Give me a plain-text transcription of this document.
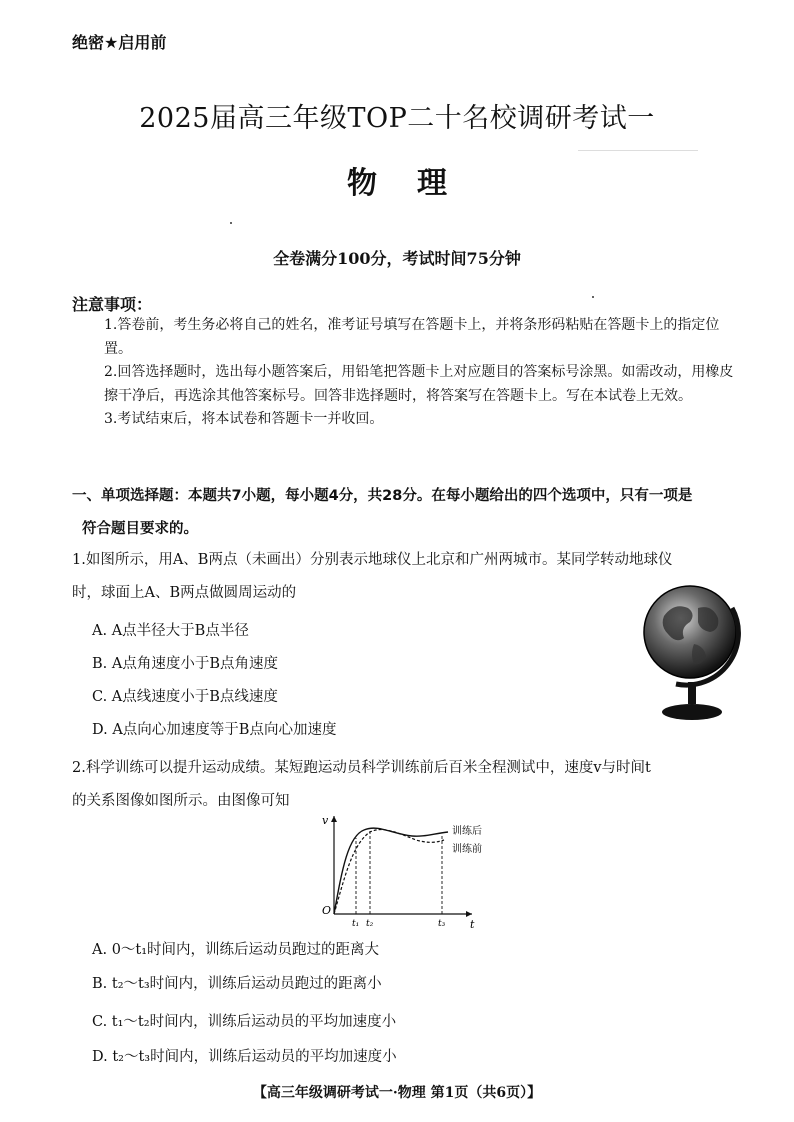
绝密★启用前
2025届高三年级TOP二十名校调研考试一
物理
全卷满分100分，考试时间75分钟
注意事项：

1.答卷前，考生务必将自己的姓名，准考证号填写在答题卡上，并将条形码粘贴在答题卡上的指定位置。

2.回答选择题时，选出每小题答案后，用铅笔把答题卡上对应题目的答案标号涂黑。如需改动，用橡皮擦干净后，再选涂其他答案标号。回答非选择题时，将答案写在答题卡上。写在本试卷上无效。

3.考试结束后，将本试卷和答题卡一并收回。

一、单项选择题：本题共7小题，每小题4分，共28分。在每小题给出的四个选项中，只有一项是
符合题目要求的。
1.如图所示，用A、B两点（未画出）分别表示地球仪上北京和广州两城市。某同学转动地球仪
时，球面上A、B两点做圆周运动的
A. A点半径大于B点半径
B. A点角速度小于B点角速度
C. A点线速度小于B点线速度
D. A点向心加速度等于B点向心加速度
2.科学训练可以提升运动成绩。某短跑运动员科学训练前后百米全程测试中，速度v与时间t
的关系图像如图所示。由图像可知
v
t
O
t₁ t₂	t₃
训练后
训练前
A. 0～t₁时间内，训练后运动员跑过的距离大
B. t₂～t₃时间内，训练后运动员跑过的距离小
C. t₁～t₂时间内，训练后运动员的平均加速度小
D. t₂～t₃时间内，训练后运动员的平均加速度小
【高三年级调研考试一·物理 第1页（共6页）】
